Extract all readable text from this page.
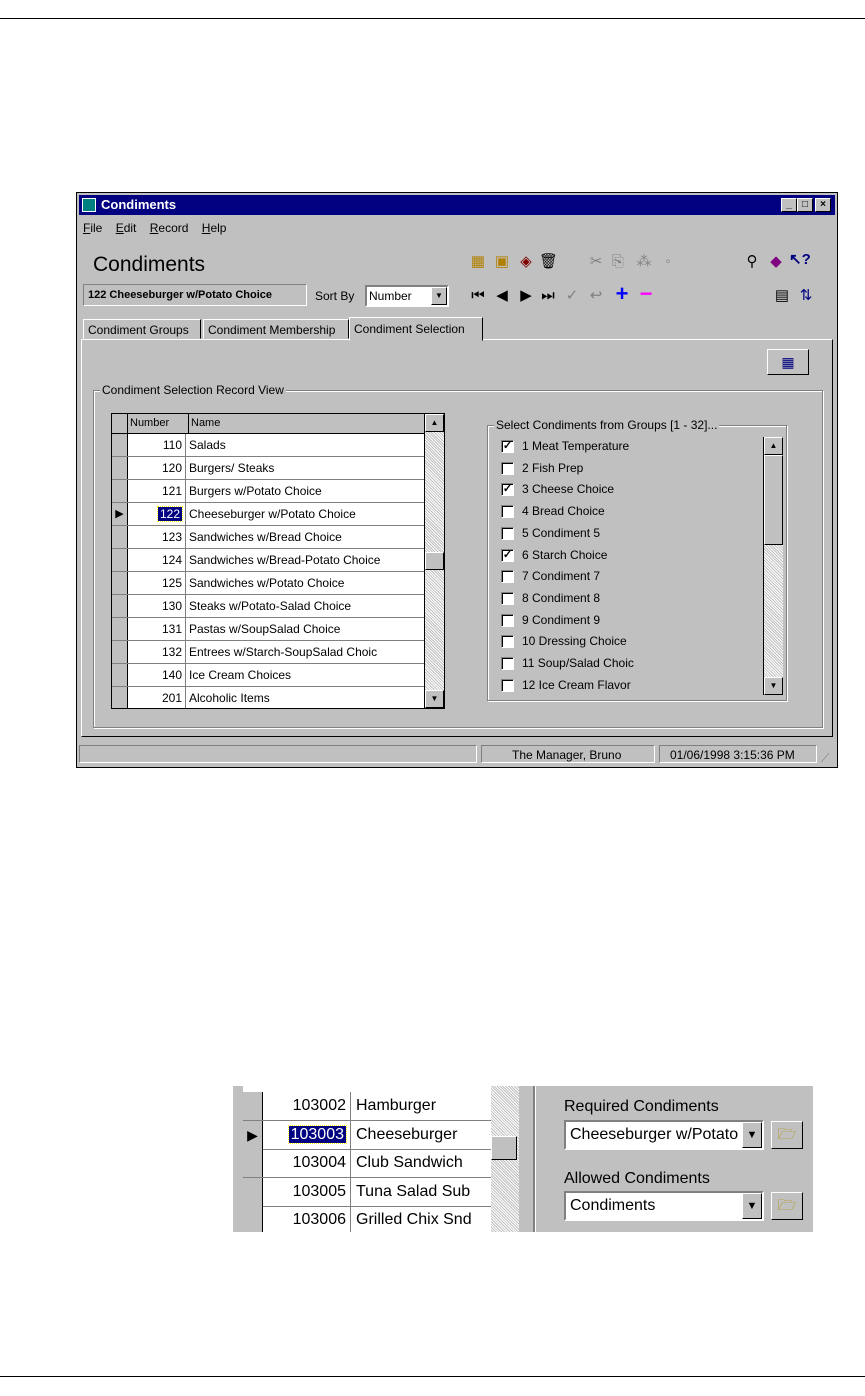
Condiments	_	□	×
File Edit Record Help
Condiments
122 Cheeseburger w/Potato Choice	Sort By Number	▼
▦ ▣ ◈ 🗑 ✂ ⎘ ⁂ ◦	⚲ ◆ ↖?
⏮ ◀ ▶ ⏭ ✓ ↩ + −	▤ ⇅
Condiment Groups	Condiment Membership	Condiment Selection
▦
Condiment Selection Record View
Number	Name
110 Salads
120 Burgers/ Steaks
121 Burgers w/Potato Choice
▶	122 Cheeseburger w/Potato Choice
123 Sandwiches w/Bread Choice
124 Sandwiches w/Bread-Potato Choice
125 Sandwiches w/Potato Choice
130 Steaks w/Potato-Salad Choice
131 Pastas w/SoupSalad Choice
132 Entrees w/Starch-SoupSalad Choic
140 Ice Cream Choices
201 Alcoholic Items
▲
▼
Select Condiments from Groups [1 - 32]...
✓ 1 Meat Temperature
2 Fish Prep
✓ 3 Cheese Choice
4 Bread Choice
5 Condiment 5
✓ 6 Starch Choice
7 Condiment 7
8 Condiment 8
9 Condiment 9
10 Dressing Choice
11 Soup/Salad Choic
12 Ice Cream Flavor
▲
▼
The Manager, Bruno	01/06/1998 3:15:36 PM	⟋
103002 Hamburger
▶	103003 Cheeseburger
103004 Club Sandwich
103005 Tuna Salad Sub
103006 Grilled Chix Snd
Required Condiments
Cheeseburger w/Potato ▼	🗁
Allowed Condiments
Condiments	▼	🗁
